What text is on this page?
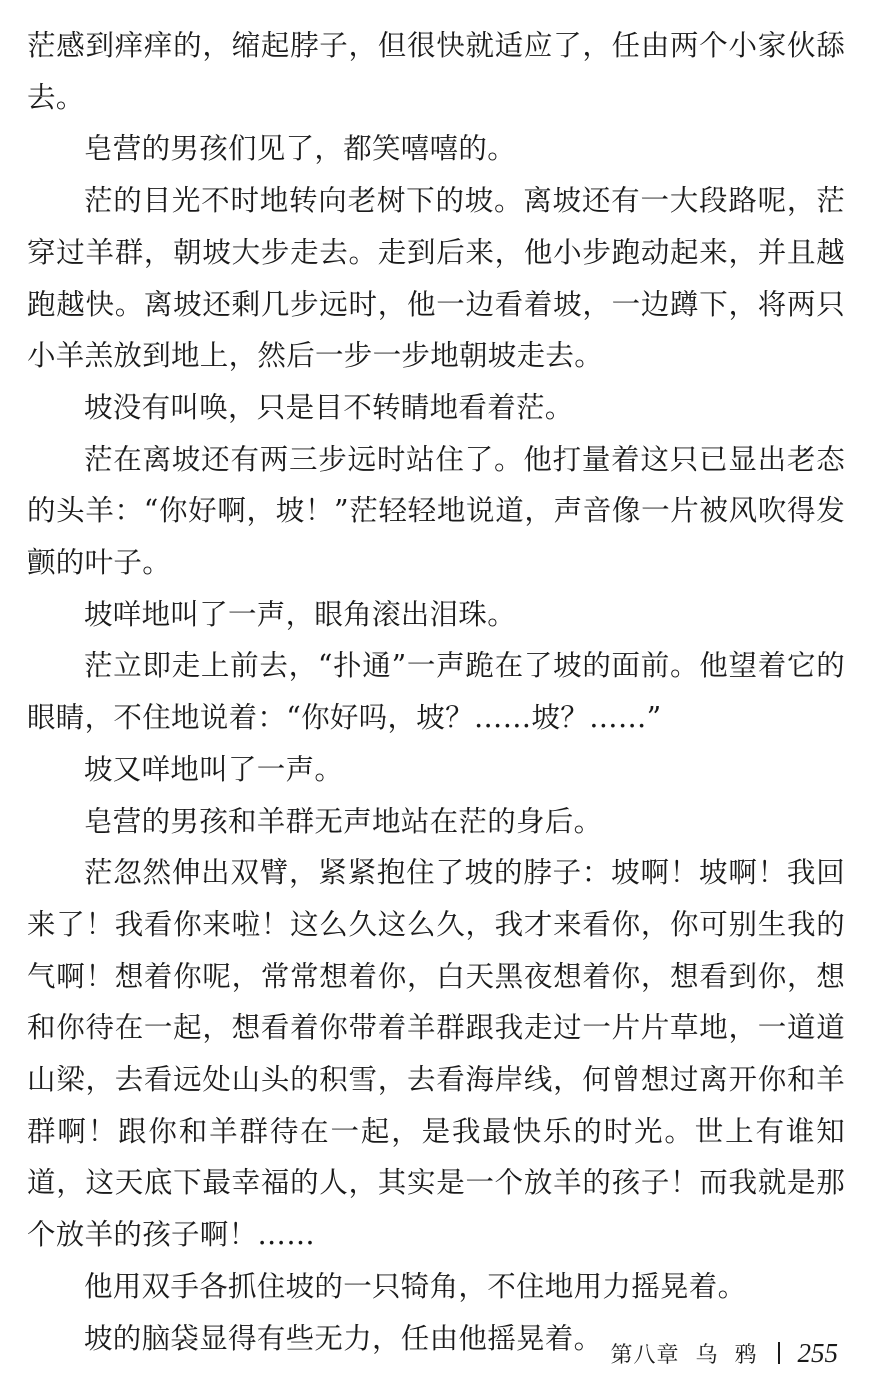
茫感到痒痒的，缩起脖子，但很快就适应了，任由两个小家伙舔去。

皂营的男孩们见了，都笑嘻嘻的。

茫的目光不时地转向老树下的坡。离坡还有一大段路呢，茫穿过羊群，朝坡大步走去。走到后来，他小步跑动起来，并且越跑越快。离坡还剩几步远时，他一边看着坡，一边蹲下，将两只小羊羔放到地上，然后一步一步地朝坡走去。

坡没有叫唤，只是目不转睛地看着茫。

茫在离坡还有两三步远时站住了。他打量着这只已显出老态的头羊：“你好啊，坡！”茫轻轻地说道，声音像一片被风吹得发颤的叶子。

坡咩地叫了一声，眼角滚出泪珠。

茫立即走上前去，“扑通”一声跪在了坡的面前。他望着它的眼睛，不住地说着：“你好吗，坡？……坡？……”

坡又咩地叫了一声。

皂营的男孩和羊群无声地站在茫的身后。

茫忽然伸出双臂，紧紧抱住了坡的脖子：坡啊！坡啊！我回来了！我看你来啦！这么久这么久，我才来看你，你可别生我的气啊！想着你呢，常常想着你，白天黑夜想着你，想看到你，想和你待在一起，想看着你带着羊群跟我走过一片片草地，一道道山梁，去看远处山头的积雪，去看海岸线，何曾想过离开你和羊群啊！跟你和羊群待在一起，是我最快乐的时光。世上有谁知道，这天底下最幸福的人，其实是一个放羊的孩子！而我就是那个放羊的孩子啊！……

他用双手各抓住坡的一只犄角，不住地用力摇晃着。

坡的脑袋显得有些无力，任由他摇晃着。

第八章 乌 鸦 255
